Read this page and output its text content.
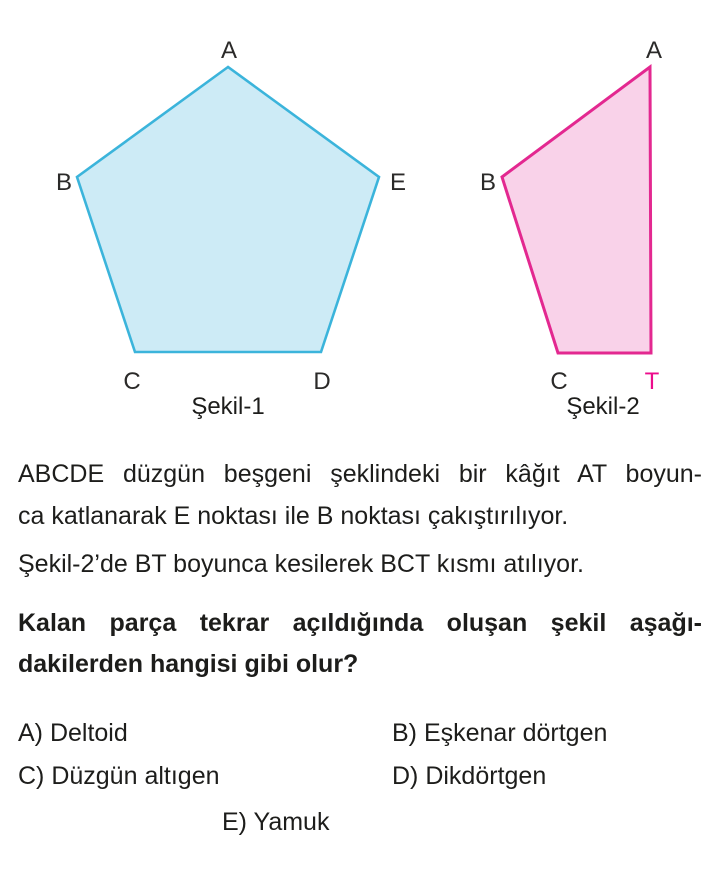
A
B
C	D
E
Şekil-1
A
B
C	T
Şekil-2
ABCDE düzgün beşgeni şeklindeki bir kâğıt AT boyun-
ca katlanarak E noktası ile B noktası çakıştırılıyor.
Şekil-2’de BT boyunca kesilerek BCT kısmı atılıyor.
Kalan parça tekrar açıldığında oluşan şekil aşağı-
dakilerden hangisi gibi olur?
A) Deltoid	B) Eşkenar dörtgen
C) Düzgün altıgen	D) Dikdörtgen
E) Yamuk
